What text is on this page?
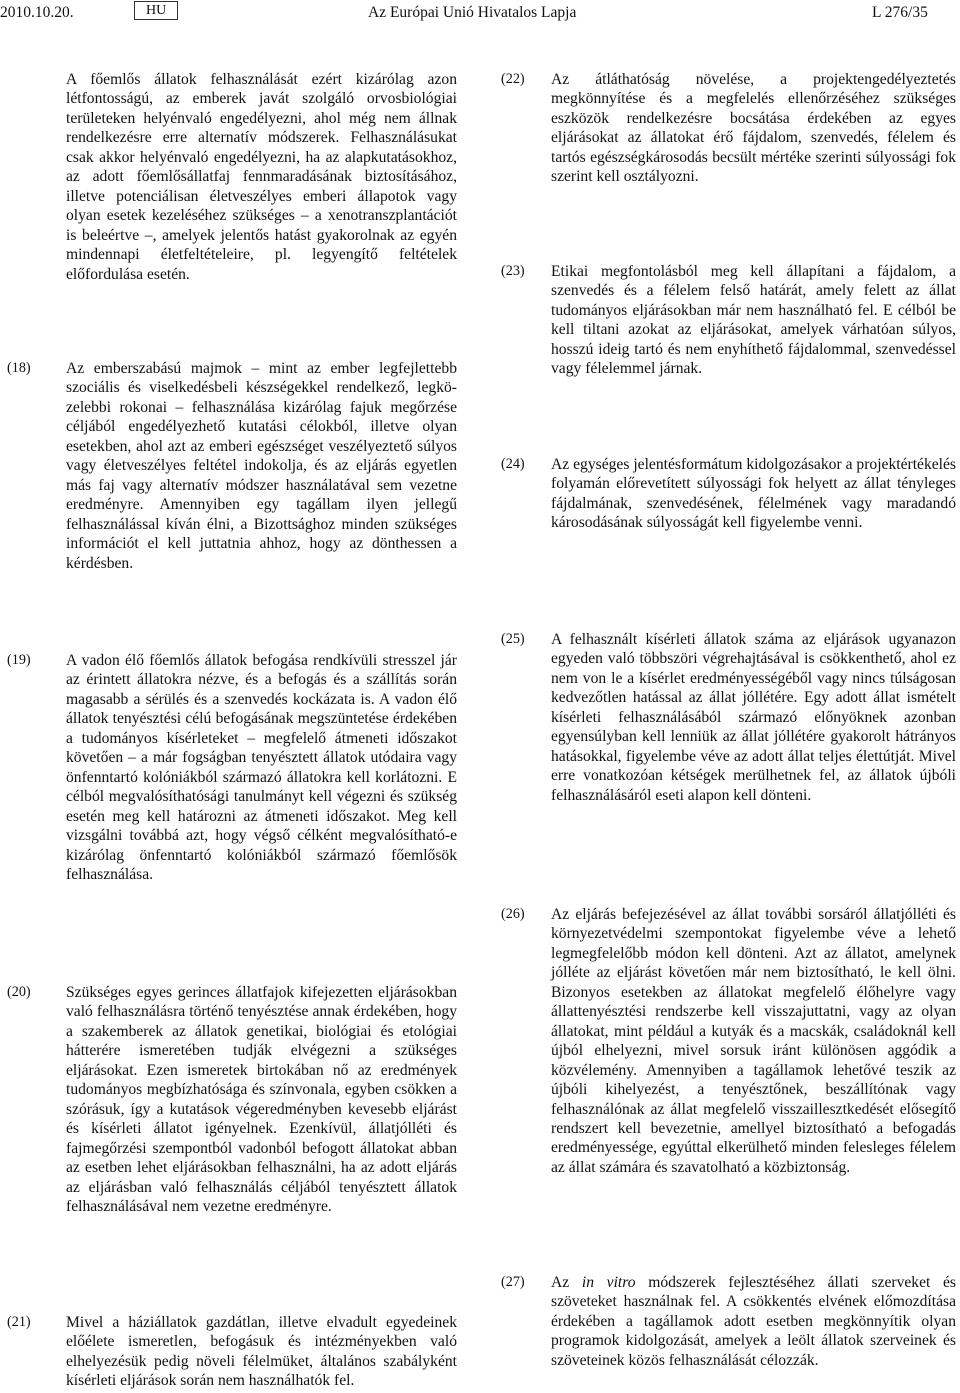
2010.10.20.	HU	Az Európai Unió Hivatalos Lapja	L 276/35
A főemlős állatok felhasználását ezért kizárólag azon létfontosságú, az emberek javát szolgáló orvosbiológiai területeken helyénvaló engedélyezni, ahol még nem állnak rendelkezésre erre alternatív módszerek. Felhasználásukat csak akkor helyénvaló engedélyezni, ha az alapkutatásokhoz, az adott főemlősállatfaj fennmaradásának biztosításához, illetve potenciálisan életveszélyes emberi állapotok vagy olyan esetek kezeléséhez szükséges – a xenotranszplantációt is beleértve –, amelyek jelentős hatást gyakorolnak az egyén mindennapi életfeltételeire, pl. legyengítő feltételek előfordulása esetén.
(18) Az emberszabású majmok – mint az ember legfejlettebb szociális és viselkedésbeli készségekkel rendelkező, legközelebbi rokonai – felhasználása kizárólag fajuk megőrzése céljából engedélyezhető kutatási célokból, illetve olyan esetekben, ahol azt az emberi egészséget veszélyeztető súlyos vagy életveszélyes feltétel indokolja, és az eljárás egyetlen más faj vagy alternatív módszer használatával sem vezetne eredményre. Amennyiben egy tagállam ilyen jellegű felhasználással kíván élni, a Bizottsághoz minden szükséges információt el kell juttatnia ahhoz, hogy az dönthessen a kérdésben.
(19) A vadon élő főemlős állatok befogása rendkívüli stresszel jár az érintett állatokra nézve, és a befogás és a szállítás során magasabb a sérülés és a szenvedés kockázata is. A vadon élő állatok tenyésztési célú befogásának megszüntetése érdekében a tudományos kísérleteket – megfelelő átmeneti időszakot követően – a már fogságban tenyésztett állatok utódaira vagy önfenntartó kolóniákból származó állatokra kell korlátozni. E célból megvalósíthatósági tanulmányt kell végezni és szükség esetén meg kell határozni az átmeneti időszakot. Meg kell vizsgálni továbbá azt, hogy végső célként megvalósítható-e kizárólag önfenntartó kolóniákból származó főemlősök felhasználása.
(20) Szükséges egyes gerinces állatfajok kifejezetten eljárásokban való felhasználásra történő tenyésztése annak érdekében, hogy a szakemberek az állatok genetikai, biológiai és etológiai hátterére ismeretében tudják elvégezni a szükséges eljárásokat. Ezen ismeretek birtokában nő az eredmények tudományos megbízhatósága és színvonala, egyben csökken a szórásuk, így a kutatások végeredményben kevesebb eljárást és kísérleti állatot igényelnek. Ezenkívül, állatjólléti és fajmegőrzési szempontból vadonból befogott állatokat abban az esetben lehet eljárásokban felhasználni, ha az adott eljárás az eljárásban való felhasználás céljából tenyésztett állatok felhasználásával nem vezetne eredményre.
(21) Mivel a háziállatok gazdátlan, illetve elvadult egyedeinek előélete ismeretlen, befogásuk és intézményekben való elhelyezésük pedig növeli félelmüket, általános szabályként kísérleti eljárások során nem használhatók fel.
(22) Az átláthatóság növelése, a projektengedélyeztetés megkönnyítése és a megfelelés ellenőrzéséhez szükséges eszközök rendelkezésre bocsátása érdekében az egyes eljárásokat az állatokat érő fájdalom, szenvedés, félelem és tartós egészségkárosodás becsült mértéke szerinti súlyossági fok szerint kell osztályozni.
(23) Etikai megfontolásból meg kell állapítani a fájdalom, a szenvedés és a félelem felső határát, amely felett az állat tudományos eljárásokban már nem használható fel. E célból be kell tiltani azokat az eljárásokat, amelyek várhatóan súlyos, hosszú ideig tartó és nem enyhíthető fájdalommal, szenvedéssel vagy félelemmel járnak.
(24) Az egységes jelentésformátum kidolgozásakor a projektértékelés folyamán előrevetített súlyossági fok helyett az állat tényleges fájdalmának, szenvedésének, félelmének vagy maradandó károsodásának súlyosságát kell figyelembe venni.
(25) A felhasznált kísérleti állatok száma az eljárások ugyanazon egyeden való többszöri végrehajtásával is csökkenthető, ahol ez nem von le a kísérlet eredményességéből vagy nincs túlságosan kedvezőtlen hatással az állat jóllétére. Egy adott állat ismételt kísérleti felhasználásából származó előnyöknek azonban egyensúlyban kell lenniük az állat jóllétére gyakorolt hátrányos hatásokkal, figyelembe véve az adott állat teljes élettútját. Mivel erre vonatkozóan kétségek merülhetnek fel, az állatok újbóli felhasználásáról eseti alapon kell dönteni.
(26) Az eljárás befejezésével az állat további sorsáról állatjólléti és környezetvédelmi szempontokat figyelembe véve a lehető legmegfelelőbb módon kell dönteni. Azt az állatot, amelynek jólléte az eljárást követően már nem biztosítható, le kell ölni. Bizonyos esetekben az állatokat megfelelő élőhelyre vagy állattenyésztési rendszerbe kell visszajuttatni, vagy az olyan állatokat, mint például a kutyák és a macskák, családoknál kell újból elhelyezni, mivel sorsuk iránt különösen aggódik a közvélemény. Amennyiben a tagállamok lehetővé teszik az újbóli kihelyezést, a tenyésztőnek, beszállítónak vagy felhasználónak az állat megfelelő visszaillesztkedését elősegítő rendszert kell bevezetnie, amellyel biztosítható a befogadás eredményessége, egyúttal elkerülhető minden felesleges félelem az állat számára és szavatolható a közbiztonság.
(27) Az in vitro módszerek fejlesztéséhez állati szerveket és szöveteket használnak fel. A csökkentés elvének előmozdítása érdekében a tagállamok adott esetben megkönnyítik olyan programok kidolgozását, amelyek a leölt állatok szerveinek és szöveteinek közös felhasználását célozzák.
